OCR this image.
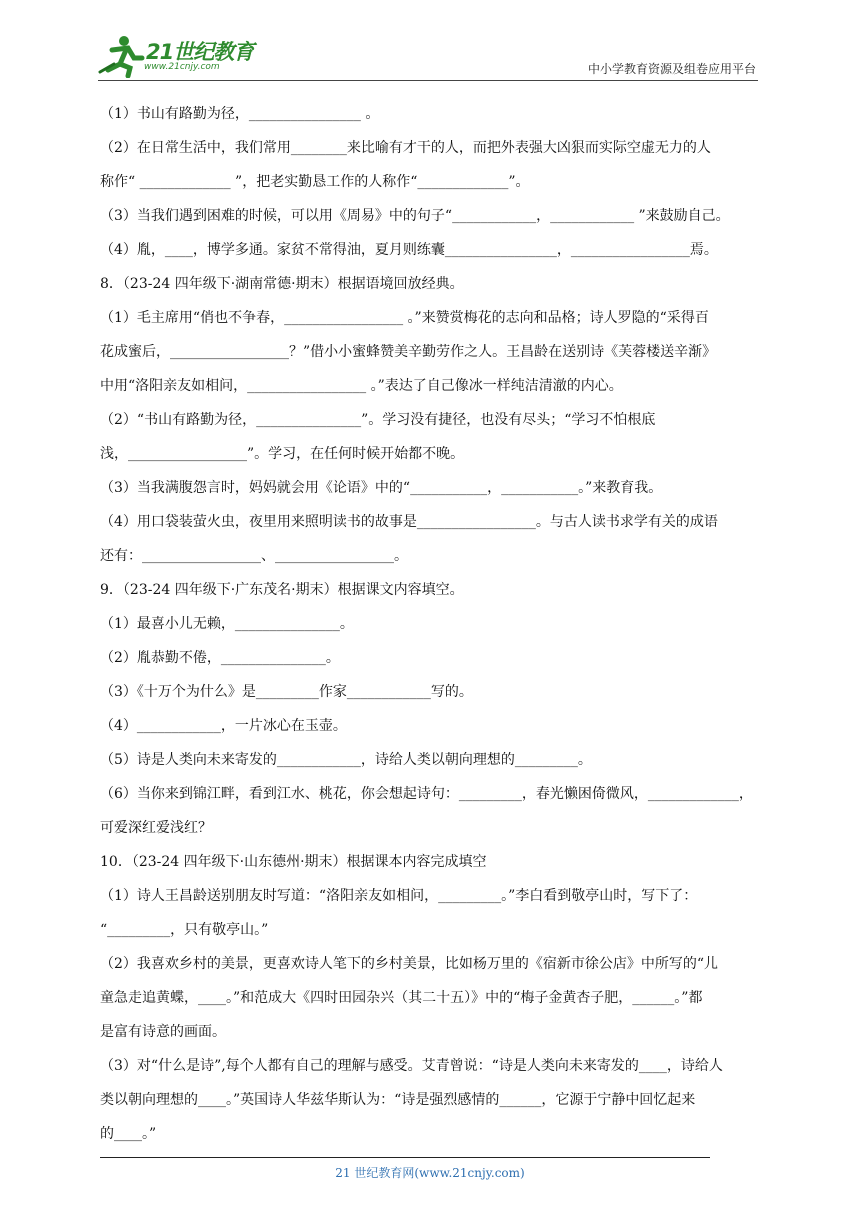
21世纪教育
www.21cnjy.com	中小学教育资源及组卷应用平台
（1）书山有路勤为径，________________ 。
（2）在日常生活中，我们常用________来比喻有才干的人，而把外表强大凶狠而实际空虚无力的人
称作“ _____________ ”，把老实勤恳工作的人称作“_____________”。
（3）当我们遇到困难的时候，可以用《周易》中的句子“____________，____________ ”来鼓励自己。
（4）胤，____，博学多通。家贫不常得油，夏月则练囊________________，_________________焉。
8．（23-24 四年级下·湖南常德·期末）根据语境回放经典。
（1）毛主席用“俏也不争春，_________________ 。”来赞赏梅花的志向和品格；诗人罗隐的“采得百
花成蜜后，_________________？”借小小蜜蜂赞美辛勤劳作之人。王昌龄在送别诗《芙蓉楼送辛渐》
中用“洛阳亲友如相问，_________________ 。”表达了自己像冰一样纯洁清澈的内心。
（2）“书山有路勤为径，_______________”。学习没有捷径，也没有尽头；“学习不怕根底
浅，_________________”。学习，在任何时候开始都不晚。
（3）当我满腹怨言时，妈妈就会用《论语》中的“___________，___________。”来教育我。
（4）用口袋装萤火虫，夜里用来照明读书的故事是_________________。与古人读书求学有关的成语
还有：_________________、_________________。
9．（23-24 四年级下·广东茂名·期末）根据课文内容填空。
（1）最喜小儿无赖，_______________。
（2）胤恭勤不倦，_______________。
（3）《十万个为什么》是_________作家____________写的。
（4）____________，一片冰心在玉壶。
（5）诗是人类向未来寄发的____________，诗给人类以朝向理想的_________。
（6）当你来到锦江畔，看到江水、桃花，你会想起诗句：_________，春光懒困倚微风，_____________，
可爱深红爱浅红？
10．（23-24 四年级下·山东德州·期末）根据课本内容完成填空
（1）诗人王昌龄送别朋友时写道：“洛阳亲友如相问，_________。”李白看到敬亭山时，写下了：
“_________，只有敬亭山。”
（2）我喜欢乡村的美景，更喜欢诗人笔下的乡村美景，比如杨万里的《宿新市徐公店》中所写的“儿
童急走追黄蝶，____。”和范成大《四时田园杂兴（其二十五）》中的“梅子金黄杏子肥，______。”都
是富有诗意的画面。
（3）对“什么是诗”,每个人都有自己的理解与感受。艾青曾说：“诗是人类向未来寄发的____，诗给人
类以朝向理想的____。”英国诗人华兹华斯认为：“诗是强烈感情的______，它源于宁静中回忆起来
的____。”
21 世纪教育网(www.21cnjy.com)
